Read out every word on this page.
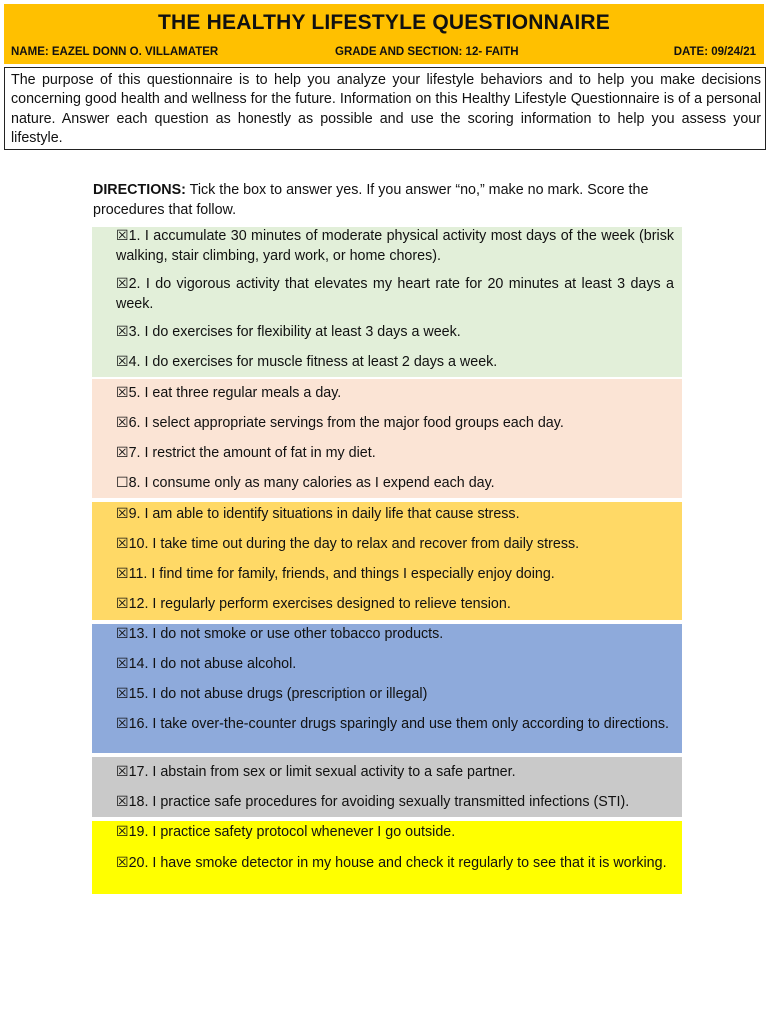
THE HEALTHY LIFESTYLE QUESTIONNAIRE
NAME: EAZEL DONN O. VILLAMATER	GRADE AND SECTION: 12- FAITH	DATE: 09/24/21
The purpose of this questionnaire is to help you analyze your lifestyle behaviors and to help you make decisions concerning good health and wellness for the future. Information on this Healthy Lifestyle Questionnaire is of a personal nature. Answer each question as honestly as possible and use the scoring information to help you assess your lifestyle.
DIRECTIONS: Tick the box to answer yes. If you answer “no,” make no mark. Score the procedures that follow.
☒1. I accumulate 30 minutes of moderate physical activity most days of the week (brisk walking, stair climbing, yard work, or home chores).
☒2. I do vigorous activity that elevates my heart rate for 20 minutes at least 3 days a week.
☒3. I do exercises for flexibility at least 3 days a week.
☒4. I do exercises for muscle fitness at least 2 days a week.
☒5. I eat three regular meals a day.
☒6. I select appropriate servings from the major food groups each day.
☒7. I restrict the amount of fat in my diet.
☐8. I consume only as many calories as I expend each day.
☒9. I am able to identify situations in daily life that cause stress.
☒10. I take time out during the day to relax and recover from daily stress.
☒11. I find time for family, friends, and things I especially enjoy doing.
☒12. I regularly perform exercises designed to relieve tension.
☒13. I do not smoke or use other tobacco products.
☒14. I do not abuse alcohol.
☒15. I do not abuse drugs (prescription or illegal)
☒16. I take over-the-counter drugs sparingly and use them only according to directions.
☒17. I abstain from sex or limit sexual activity to a safe partner.
☒18. I practice safe procedures for avoiding sexually transmitted infections (STI).
☒19. I practice safety protocol whenever I go outside.
☒20. I have smoke detector in my house and check it regularly to see that it is working.
